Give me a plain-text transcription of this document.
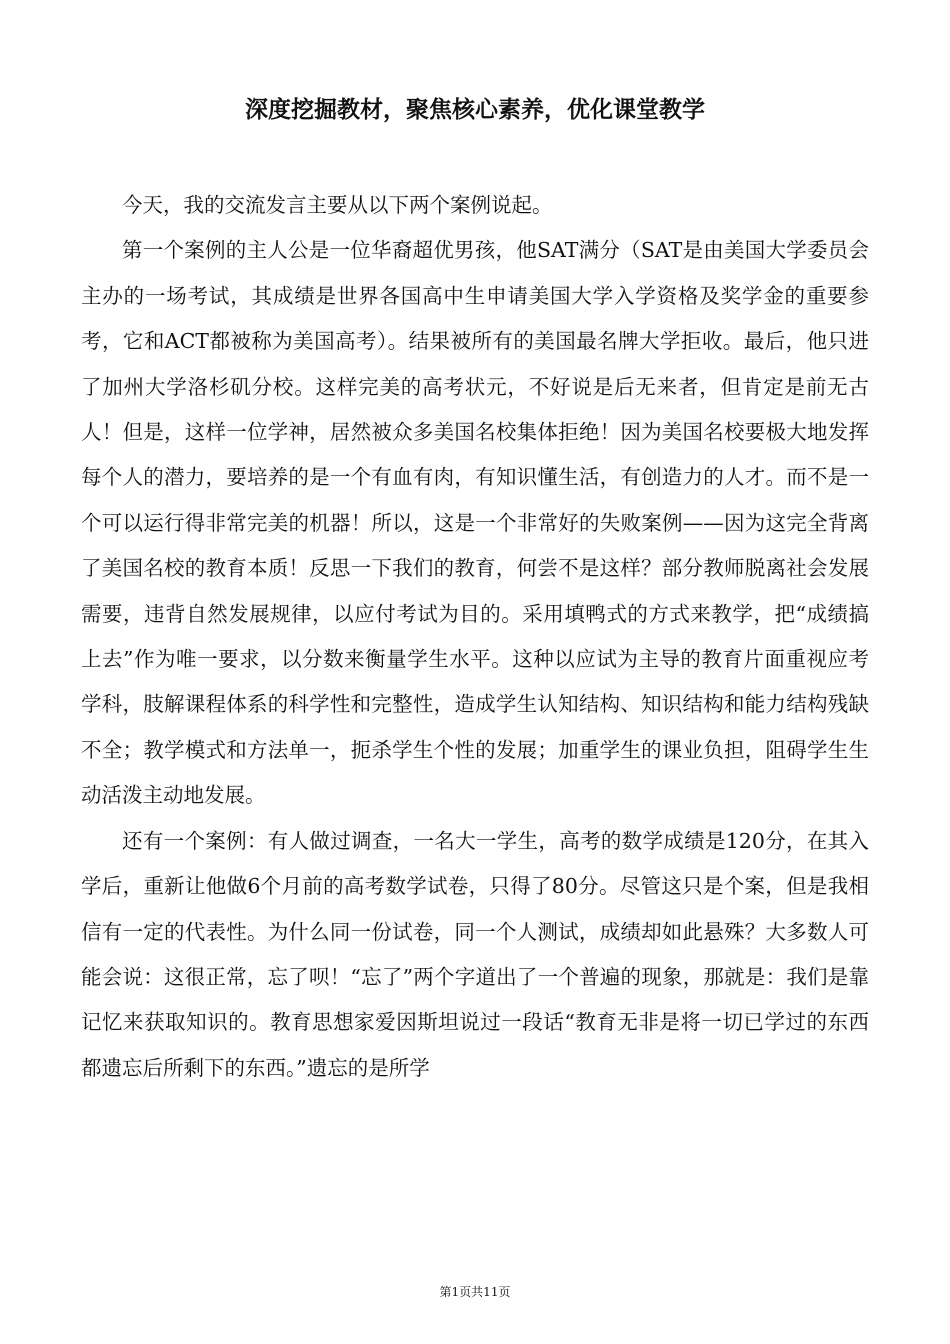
深度挖掘教材，聚焦核心素养，优化课堂教学

今天，我的交流发言主要从以下两个案例说起。

第一个案例的主人公是一位华裔超优男孩，他SAT满分（SAT是由美国大学委员会主办的一场考试，其成绩是世界各国高中生申请美国大学入学资格及奖学金的重要参考，它和ACT都被称为美国高考）。结果被所有的美国最名牌大学拒收。最后，他只进了加州大学洛杉矶分校。这样完美的高考状元，不好说是后无来者，但肯定是前无古人！但是，这样一位学神，居然被众多美国名校集体拒绝！因为美国名校要极大地发挥每个人的潜力，要培养的是一个有血有肉，有知识懂生活，有创造力的人才。而不是一个可以运行得非常完美的机器！所以，这是一个非常好的失败案例——因为这完全背离了美国名校的教育本质！反思一下我们的教育，何尝不是这样？部分教师脱离社会发展需要，违背自然发展规律，以应付考试为目的。采用填鸭式的方式来教学，把“成绩搞上去”作为唯一要求，以分数来衡量学生水平。这种以应试为主导的教育片面重视应考学科，肢解课程体系的科学性和完整性，造成学生认知结构、知识结构和能力结构残缺不全；教学模式和方法单一，扼杀学生个性的发展；加重学生的课业负担，阻碍学生生动活泼主动地发展。

还有一个案例：有人做过调查，一名大一学生，高考的数学成绩是120分，在其入学后，重新让他做6个月前的高考数学试卷，只得了80分。尽管这只是个案，但是我相信有一定的代表性。为什么同一份试卷，同一个人测试，成绩却如此悬殊？大多数人可能会说：这很正常，忘了呗！“忘了”两个字道出了一个普遍的现象，那就是：我们是靠记忆来获取知识的。教育思想家爱因斯坦说过一段话“教育无非是将一切已学过的东西都遗忘后所剩下的东西。”遗忘的是所学

第1页共11页
